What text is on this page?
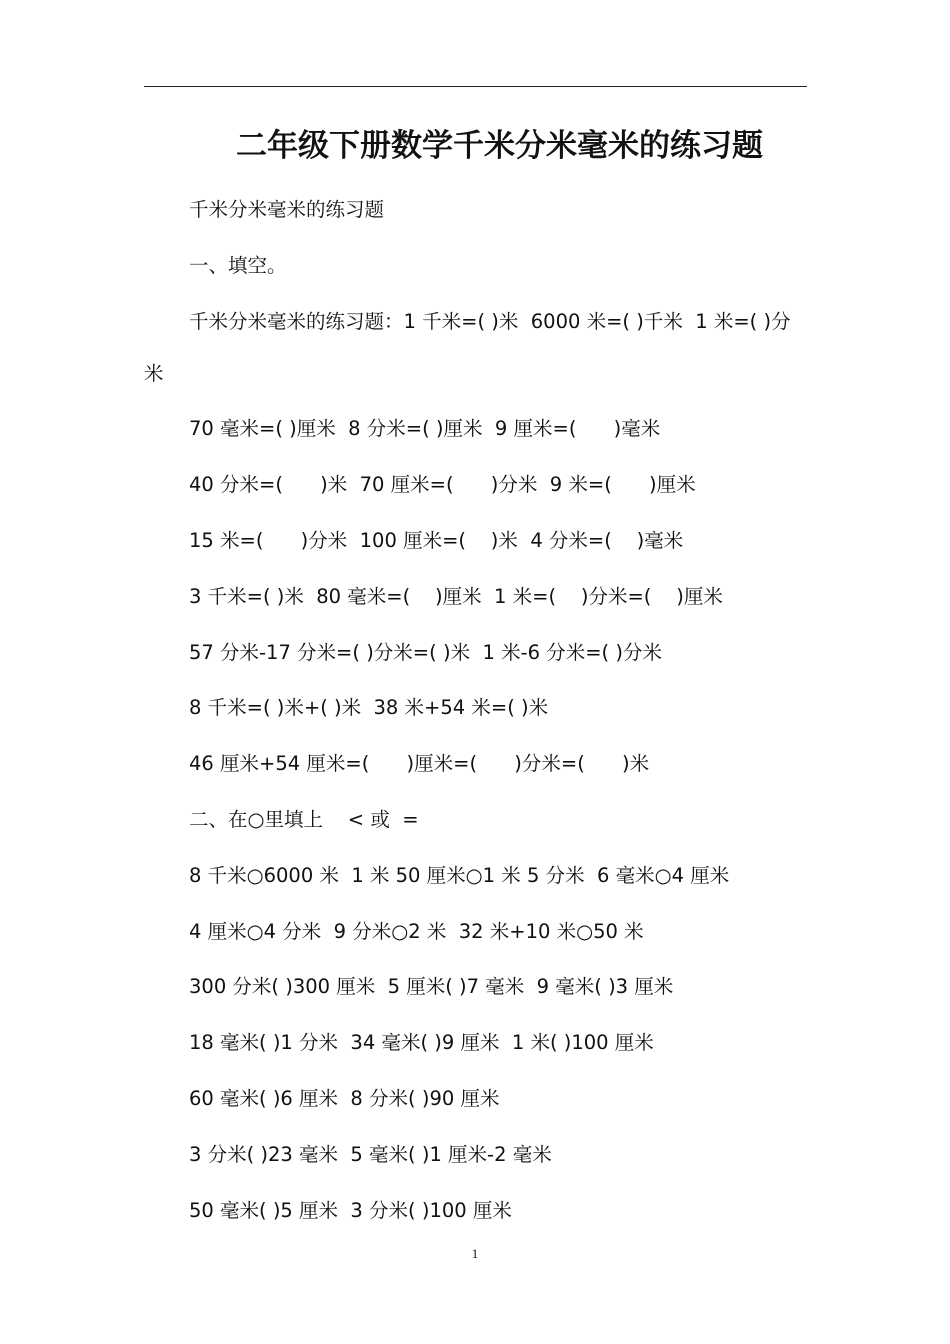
二年级下册数学千米分米毫米的练习题

千米分米毫米的练习题

一、填空。

千米分米毫米的练习题：1 千米=( )米  6000 米=( )千米  1 米=( )分米

70 毫米=( )厘米  8 分米=( )厘米  9 厘米=(      )毫米

40 分米=(      )米  70 厘米=(      )分米  9 米=(      )厘米

15 米=(      )分米  100 厘米=(    )米  4 分米=(    )毫米

3 千米=( )米  80 毫米=(    )厘米  1 米=(    )分米=(    )厘米

57 分米-17 分米=( )分米=( )米  1 米-6 分米=( )分米

8 千米=( )米+( )米  38 米+54 米=( )米

46 厘米+54 厘米=(      )厘米=(      )分米=(      )米

二、在○里填上    < 或  =

8 千米○6000 米  1 米 50 厘米○1 米 5 分米  6 毫米○4 厘米

4 厘米○4 分米  9 分米○2 米  32 米+10 米○50 米

300 分米( )300 厘米  5 厘米( )7 毫米  9 毫米( )3 厘米

18 毫米( )1 分米  34 毫米( )9 厘米  1 米( )100 厘米

60 毫米( )6 厘米  8 分米( )90 厘米

3 分米( )23 毫米  5 毫米( )1 厘米-2 毫米

50 毫米( )5 厘米  3 分米( )100 厘米

1
